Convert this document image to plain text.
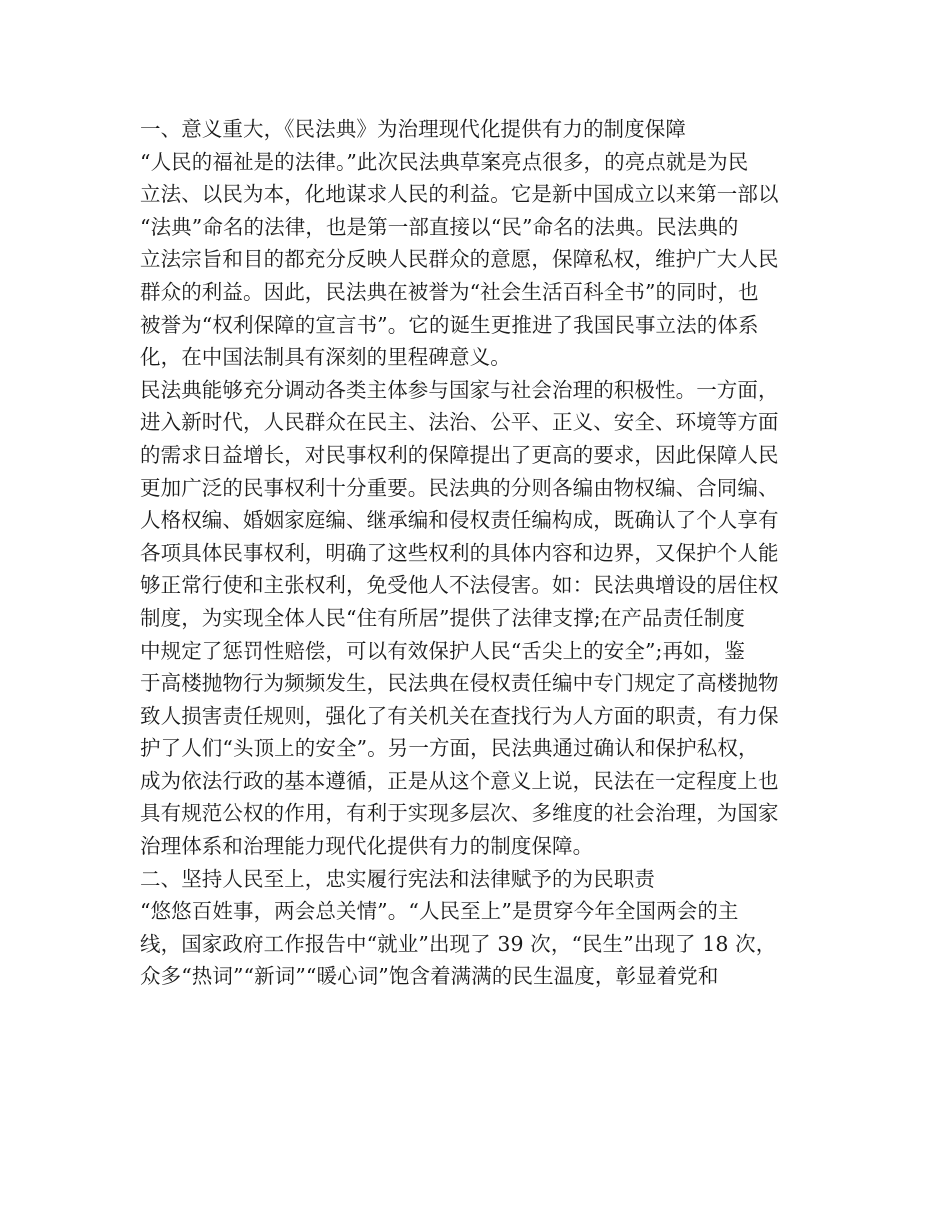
一、意义重大，《民法典》为治理现代化提供有力的制度保障
“人民的福祉是的法律。”此次民法典草案亮点很多，的亮点就是为民
立法、以民为本，化地谋求人民的利益。它是新中国成立以来第一部以
“法典”命名的法律，也是第一部直接以“民”命名的法典。民法典的
立法宗旨和目的都充分反映人民群众的意愿，保障私权，维护广大人民
群众的利益。因此，民法典在被誉为“社会生活百科全书”的同时，也
被誉为“权利保障的宣言书”。它的诞生更推进了我国民事立法的体系
化，在中国法制具有深刻的里程碑意义。
民法典能够充分调动各类主体参与国家与社会治理的积极性。一方面，
进入新时代，人民群众在民主、法治、公平、正义、安全、环境等方面
的需求日益增长，对民事权利的保障提出了更高的要求，因此保障人民
更加广泛的民事权利十分重要。民法典的分则各编由物权编、合同编、
人格权编、婚姻家庭编、继承编和侵权责任编构成，既确认了个人享有
各项具体民事权利，明确了这些权利的具体内容和边界，又保护个人能
够正常行使和主张权利，免受他人不法侵害。如：民法典增设的居住权
制度，为实现全体人民“住有所居”提供了法律支撑;在产品责任制度
中规定了惩罚性赔偿，可以有效保护人民“舌尖上的安全”;再如，鉴
于高楼抛物行为频频发生，民法典在侵权责任编中专门规定了高楼抛物
致人损害责任规则，强化了有关机关在查找行为人方面的职责，有力保
护了人们“头顶上的安全”。另一方面，民法典通过确认和保护私权，
成为依法行政的基本遵循，正是从这个意义上说，民法在一定程度上也
具有规范公权的作用，有利于实现多层次、多维度的社会治理，为国家
治理体系和治理能力现代化提供有力的制度保障。
二、坚持人民至上，忠实履行宪法和法律赋予的为民职责
“悠悠百姓事，两会总关情”。“人民至上”是贯穿今年全国两会的主
线，国家政府工作报告中“就业”出现了 39 次，“民生”出现了 18 次，
众多“热词”“新词”“暖心词”饱含着满满的民生温度，彰显着党和
